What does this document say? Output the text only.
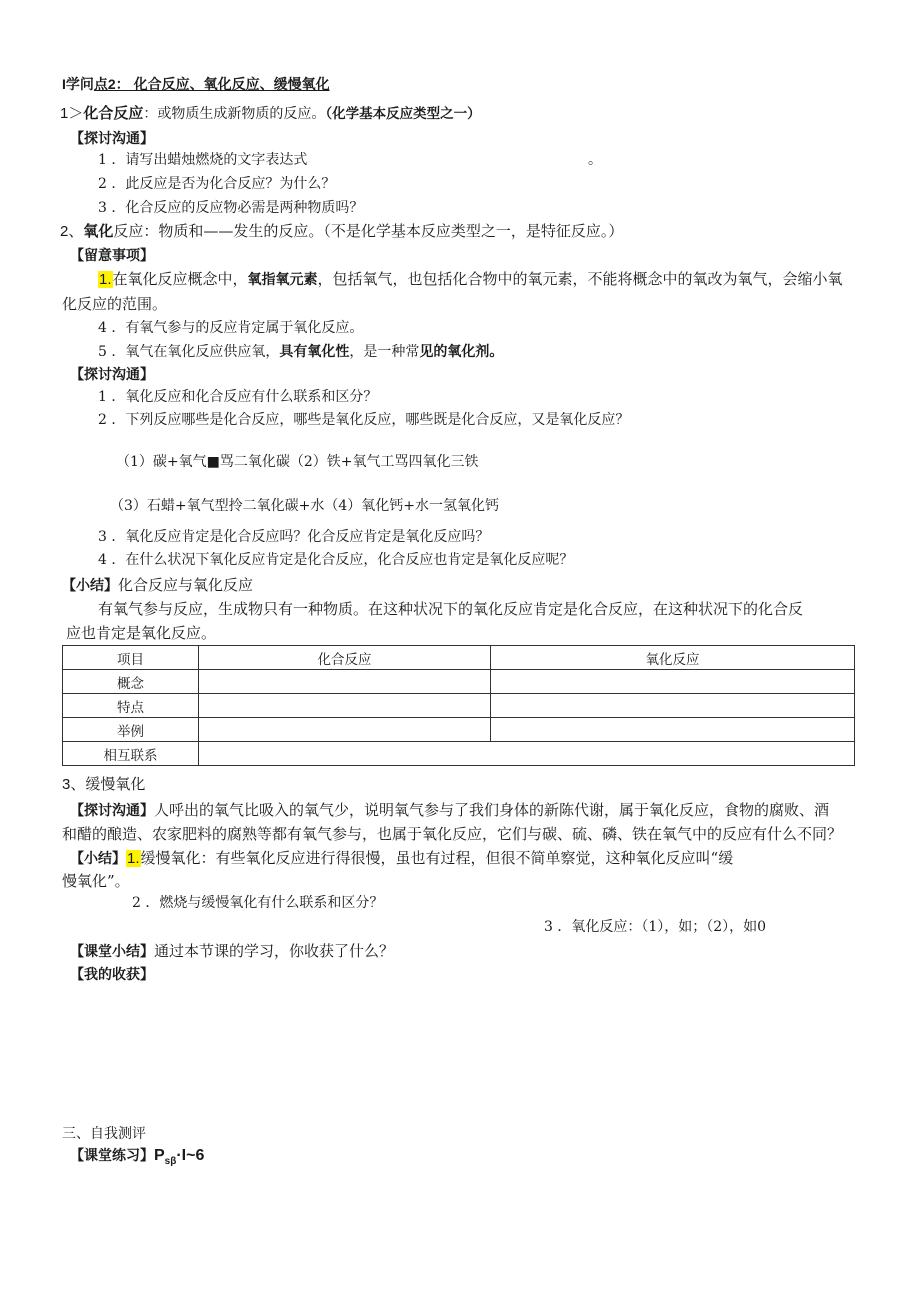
I学问点2： 化合反应、氧化反应、缓慢氧化
1＞化合反应：或物质生成新物质的反应。（化学基本反应类型之一）
【探讨沟通】
1 ．请写出蜡烛燃烧的文字表达式	。
2 ．此反应是否为化合反应？为什么？
3 ．化合反应的反应物必需是两种物质吗？
2、氧化反应：物质和——发生的反应。（不是化学基本反应类型之一，是特征反应。）
【留意事项】
1.在氧化反应概念中，氧指氧元素，包括氧气，也包括化合物中的氧元素，不能将概念中的氧改为氧气，会缩小氧
化反应的范围。
4 ．有氧气参与的反应肯定属于氧化反应。
5 ．氧气在氧化反应供应氧，具有氧化性，是一种常见的氧化剂。
【探讨沟通】
1 ．氧化反应和化合反应有什么联系和区分？
2 ．下列反应哪些是化合反应，哪些是氧化反应，哪些既是化合反应，又是氧化反应？
（1）碳+氧气■骂二氧化碳（2）铁+氧气工骂四氧化三铁
（3）石蜡+氧气型拎二氧化碳+水（4）氧化钙+水一氢氧化钙
3 ．氧化反应肯定是化合反应吗？化合反应肯定是氧化反应吗？
4 ．在什么状况下氧化反应肯定是化合反应，化合反应也肯定是氧化反应呢？
【小结】化合反应与氧化反应
有氧气参与反应，生成物只有一种物质。在这种状况下的氧化反应肯定是化合反应，在这种状况下的化合反
应也肯定是氧化反应。
项目	化合反应	氧化反应
概念		
特点		
举例		
相互联系		
3、缓慢氧化
【探讨沟通】人呼出的氧气比吸入的氧气少，说明氧气参与了我们身体的新陈代谢，属于氧化反应，食物的腐败、酒
和醋的酿造、农家肥料的腐熟等都有氧气参与，也属于氧化反应，它们与碳、硫、磷、铁在氧气中的反应有什么不同？
【小结】1.缓慢氧化：有些氧化反应进行得很慢，虽也有过程，但很不简单察觉，这种氧化反应叫“缓
慢氧化”。
2 ．燃烧与缓慢氧化有什么联系和区分？
3 ．氧化反应：（1），如；（2），如0
【课堂小结】通过本节课的学习，你收获了什么？
【我的收获】
三、自我测评
【课堂练习】$P_{s\beta}\cdot I\sim 6$
